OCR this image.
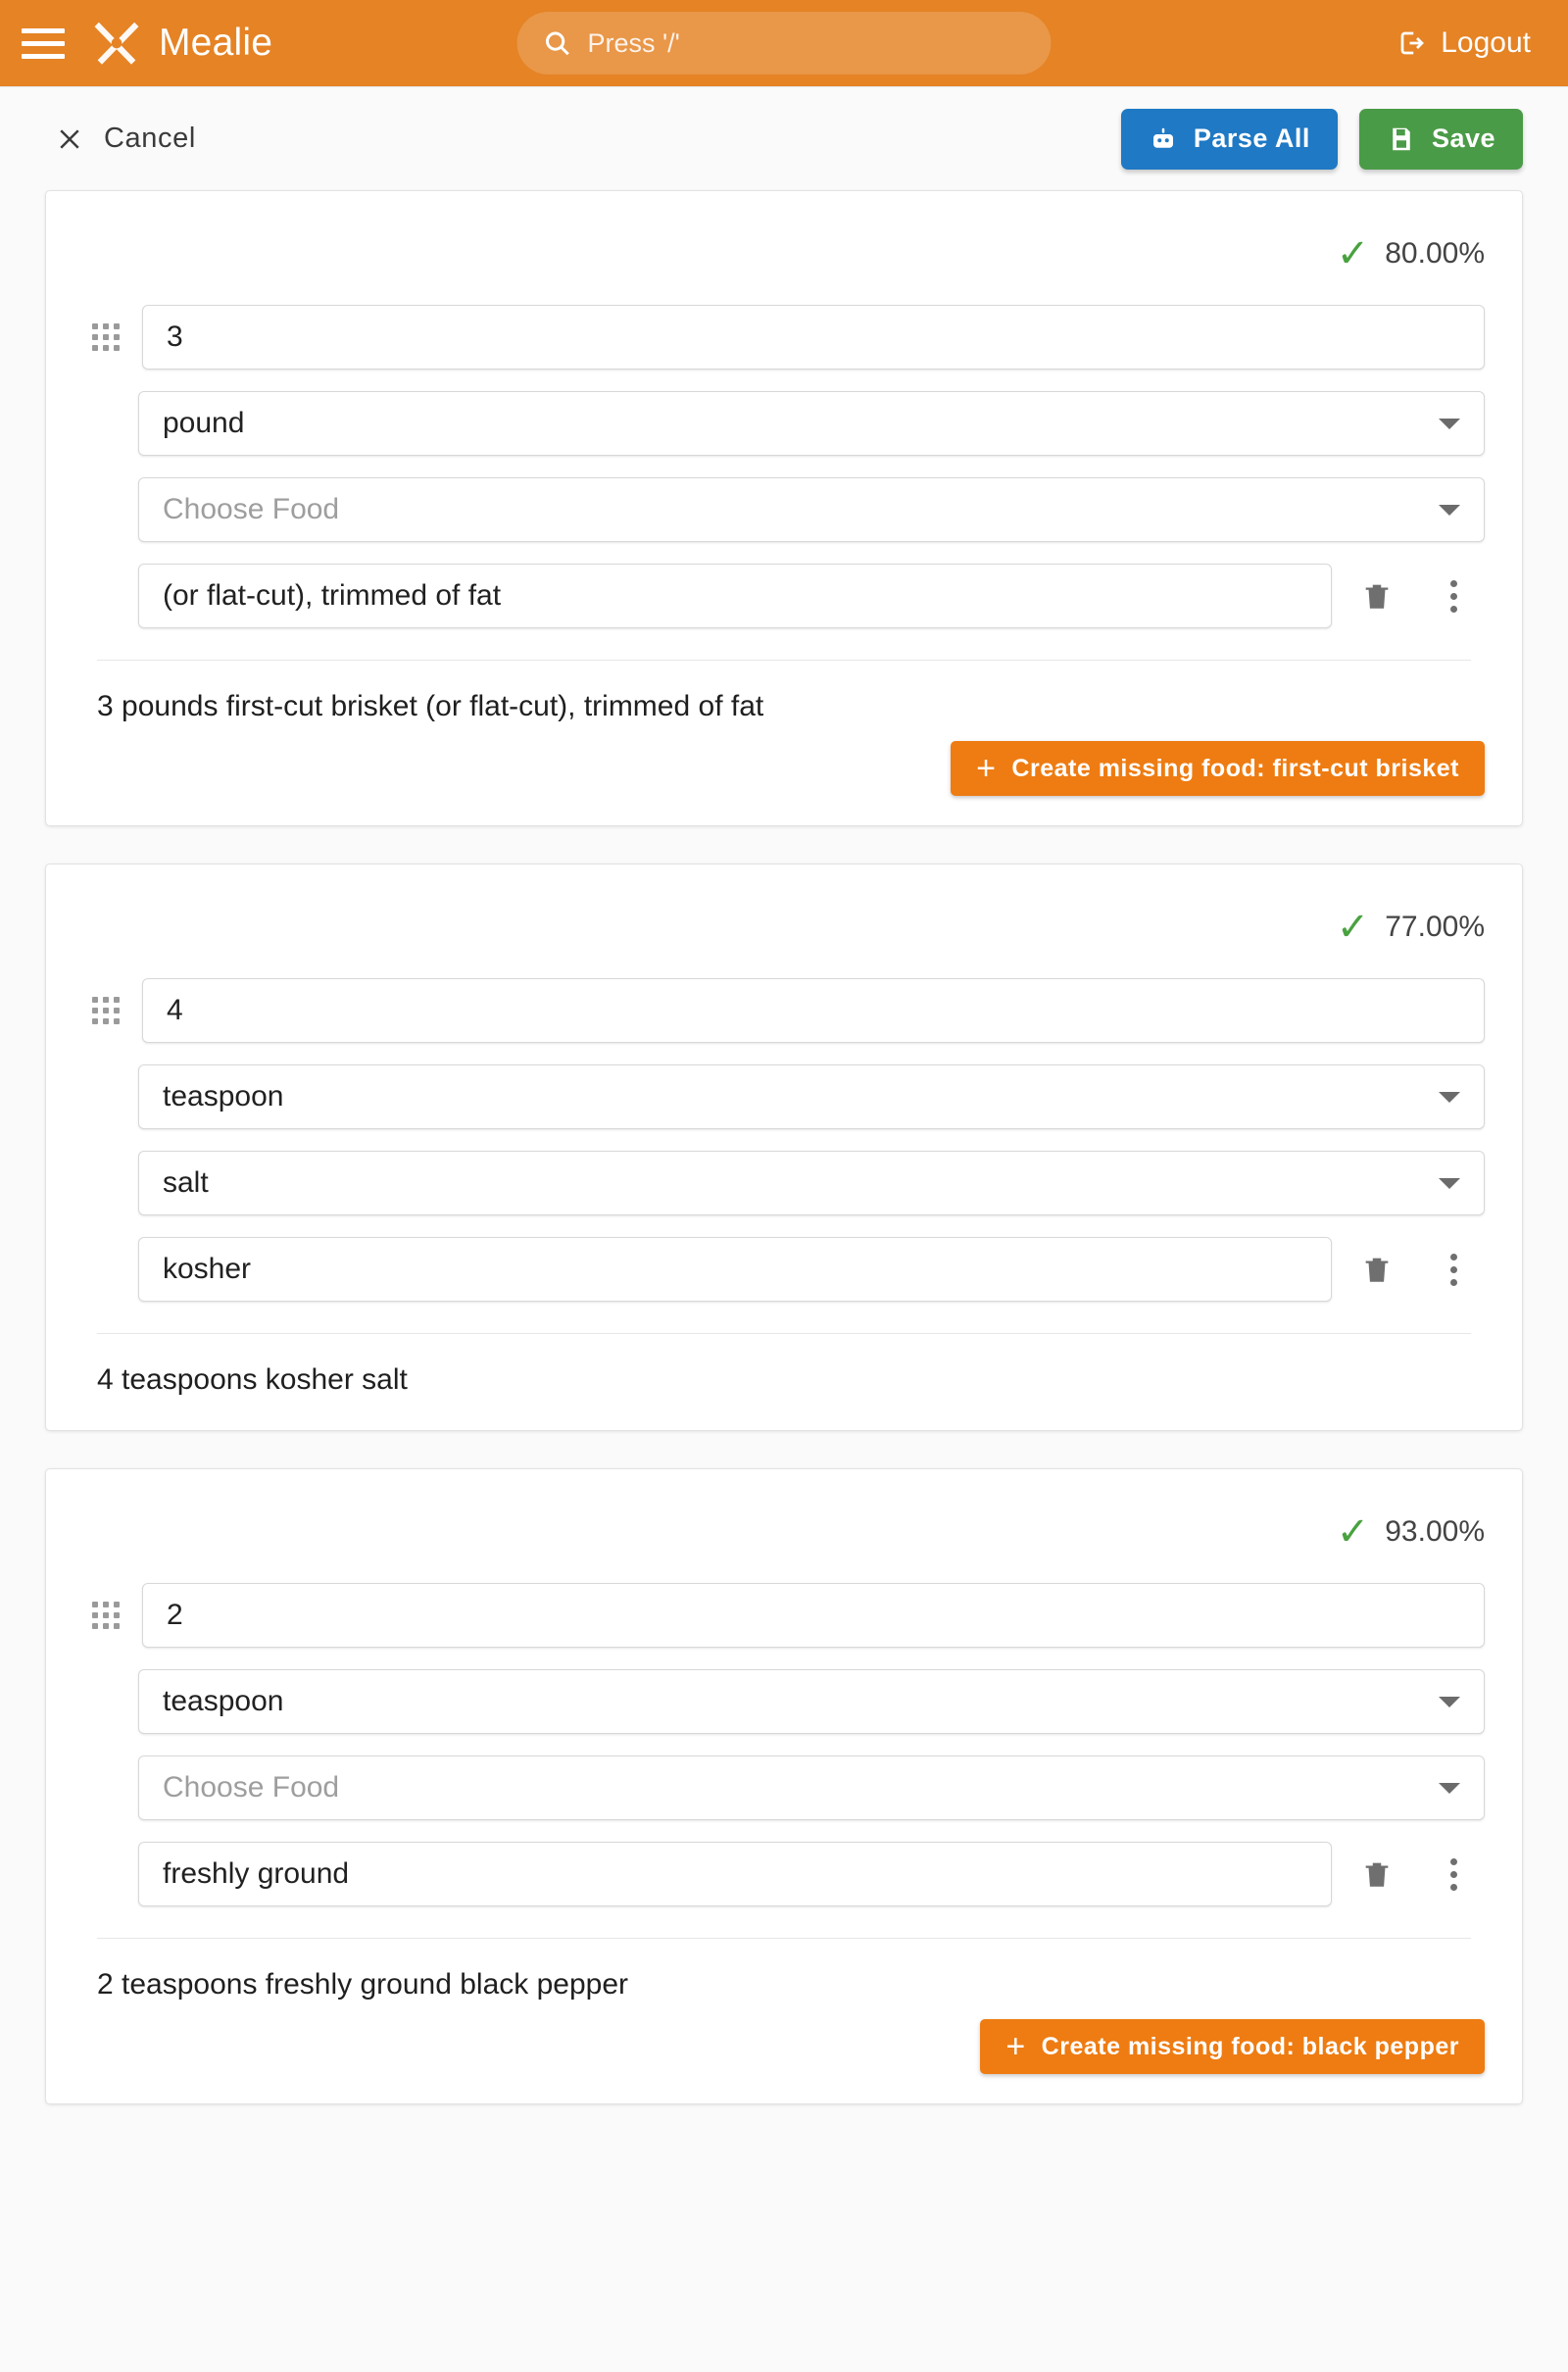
Mealie	Press '/'	Logout
Cancel	Parse All	Save
✓ 80.00%
3
pound
Choose Food
(or flat-cut), trimmed of fat
3 pounds first-cut brisket (or flat-cut), trimmed of fat
+ Create missing food: first-cut brisket
✓ 77.00%
4
teaspoon
salt
kosher
4 teaspoons kosher salt
✓ 93.00%
2
teaspoon
Choose Food
freshly ground
2 teaspoons freshly ground black pepper
+ Create missing food: black pepper
